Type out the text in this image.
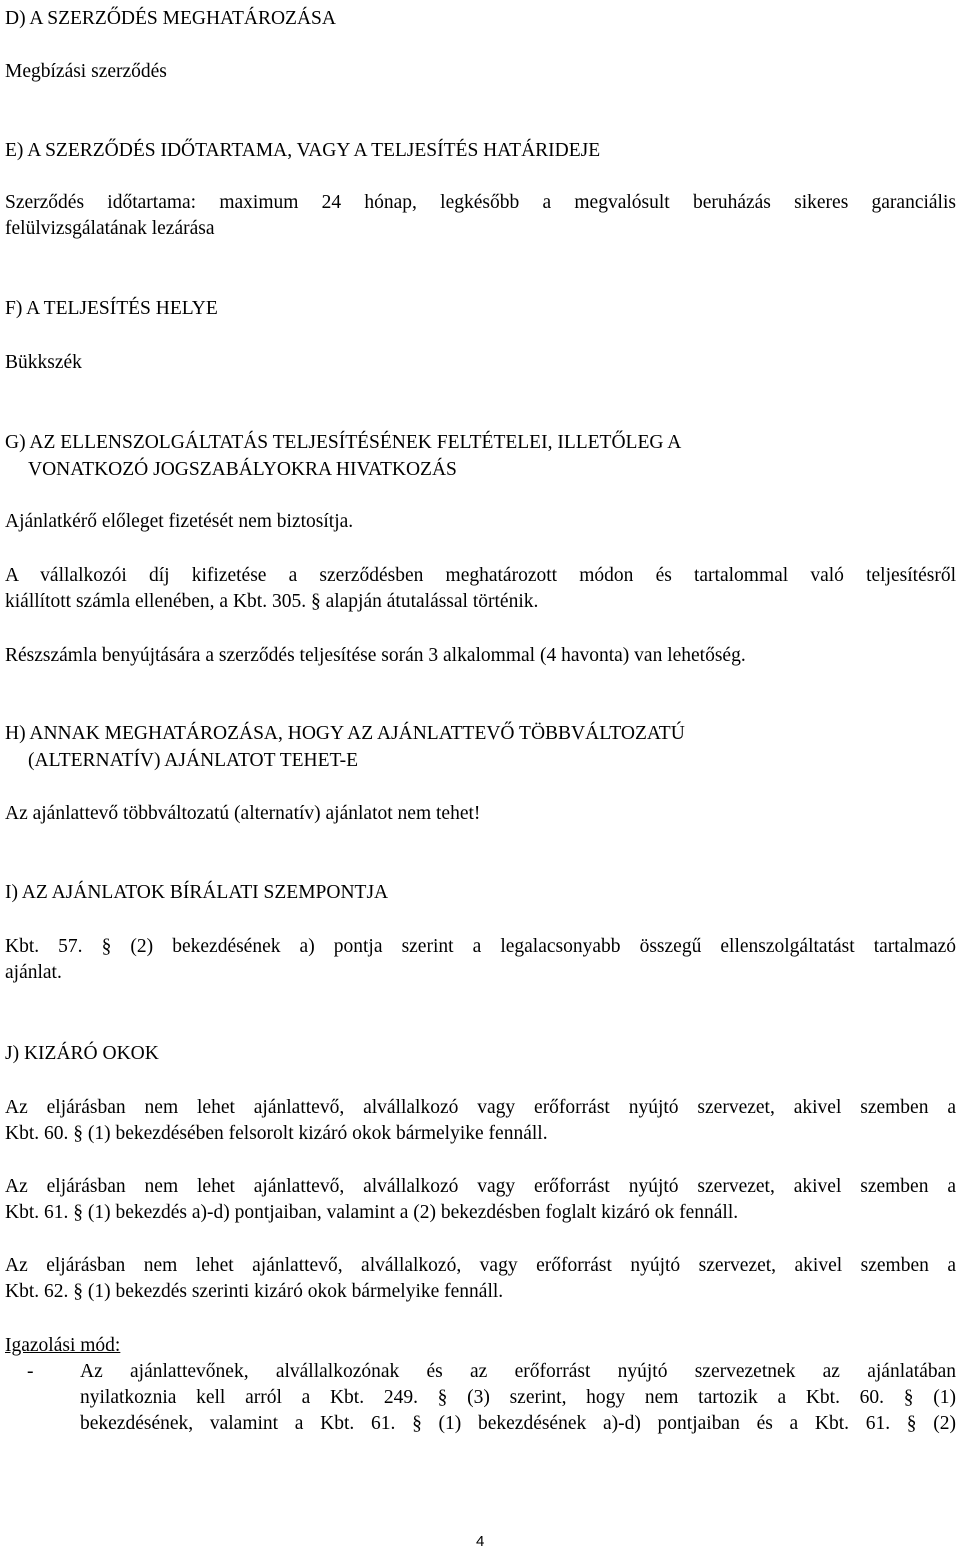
D) A SZERZŐDÉS MEGHATÁROZÁSA
Megbízási szerződés
E) A SZERZŐDÉS IDŐTARTAMA, VAGY A TELJESÍTÉS HATÁRIDEJE
Szerződés időtartama: maximum 24 hónap, legkésőbb a megvalósult beruházás sikeres garanciális
felülvizsgálatának lezárása
F) A TELJESÍTÉS HELYE
Bükkszék
G) AZ ELLENSZOLGÁLTATÁS TELJESÍTÉSÉNEK FELTÉTELEI, ILLETŐLEG A
VONATKOZÓ JOGSZABÁLYOKRA HIVATKOZÁS
Ajánlatkérő előleget fizetését nem biztosítja.
A vállalkozói díj kifizetése a szerződésben meghatározott módon és tartalommal való teljesítésről
kiállított számla ellenében, a Kbt. 305. § alapján átutalással történik.
Részszámla benyújtására a szerződés teljesítése során 3 alkalommal (4 havonta) van lehetőség.
H) ANNAK MEGHATÁROZÁSA, HOGY AZ AJÁNLATTEVŐ TÖBBVÁLTOZATÚ
(ALTERNATÍV) AJÁNLATOT TEHET-E
Az ajánlattevő többváltozatú (alternatív) ajánlatot nem tehet!
I) AZ AJÁNLATOK BÍRÁLATI SZEMPONTJA
Kbt. 57. § (2) bekezdésének a) pontja szerint a legalacsonyabb összegű ellenszolgáltatást tartalmazó
ajánlat.
J) KIZÁRÓ OKOK
Az eljárásban nem lehet ajánlattevő, alvállalkozó vagy erőforrást nyújtó szervezet, akivel szemben a
Kbt. 60. § (1) bekezdésében felsorolt kizáró okok bármelyike fennáll.
Az eljárásban nem lehet ajánlattevő, alvállalkozó vagy erőforrást nyújtó szervezet, akivel szemben a
Kbt. 61. § (1) bekezdés a)-d) pontjaiban, valamint a (2) bekezdésben foglalt kizáró ok fennáll.
Az eljárásban nem lehet ajánlattevő, alvállalkozó, vagy erőforrást nyújtó szervezet, akivel szemben a
Kbt. 62. § (1) bekezdés szerinti kizáró okok bármelyike fennáll.
Igazolási mód:
- Az ajánlattevőnek, alvállalkozónak és az erőforrást nyújtó szervezetnek az ajánlatában
nyilatkoznia kell arról a Kbt. 249. § (3) szerint, hogy nem tartozik a Kbt. 60. § (1)
bekezdésének, valamint a Kbt. 61. § (1) bekezdésének a)-d) pontjaiban és a Kbt. 61. § (2)
4
